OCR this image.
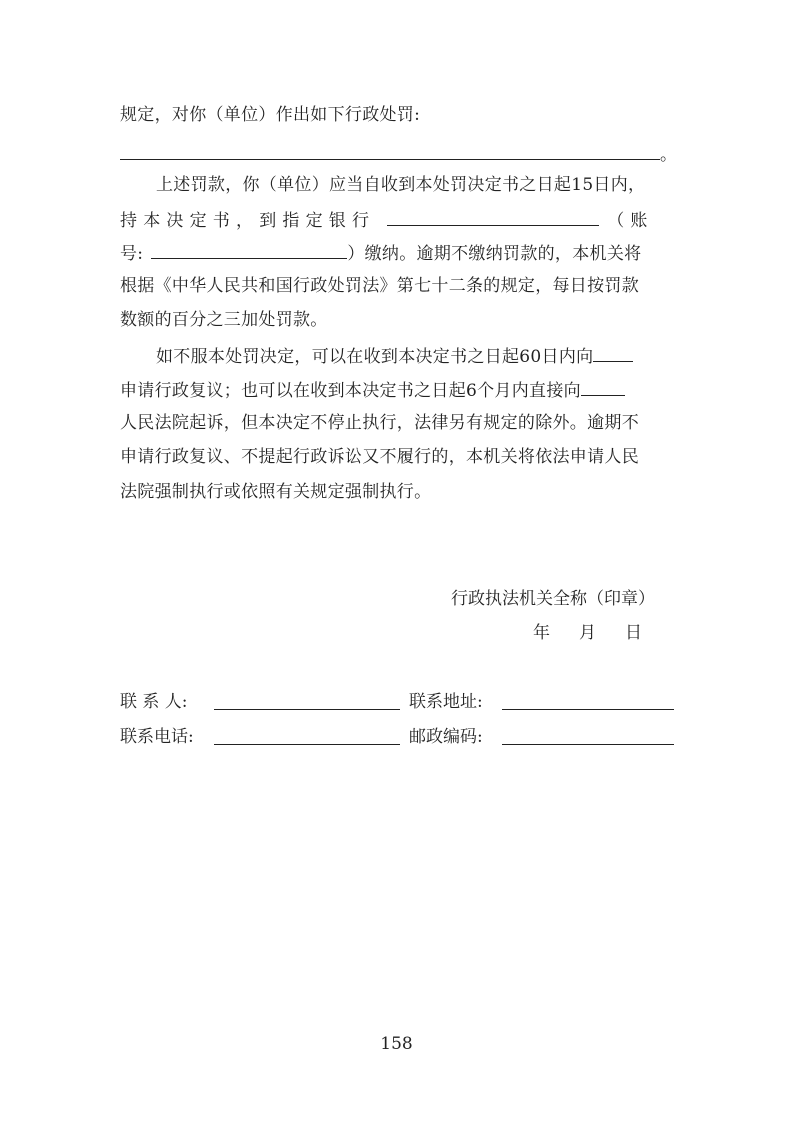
规定，对你（单位）作出如下行政处罚:
。
上述罚款，你（单位）应当自收到本处罚决定书之日起15日内，
持本决定书，到指定银行	（账
号:	）缴纳。逾期不缴纳罚款的，本机关将
根据《中华人民共和国行政处罚法》第七十二条的规定，每日按罚款
数额的百分之三加处罚款。
如不服本处罚决定，可以在收到本决定书之日起60日内向
申请行政复议；也可以在收到本决定书之日起6个月内直接向
人民法院起诉，但本决定不停止执行，法律另有规定的除外。逾期不
申请行政复议、不提起行政诉讼又不履行的，本机关将依法申请人民
法院强制执行或依照有关规定强制执行。
行政执法机关全称（印章）
年　月　日
联 系 人:	联系地址:
联系电话:	邮政编码:
158
